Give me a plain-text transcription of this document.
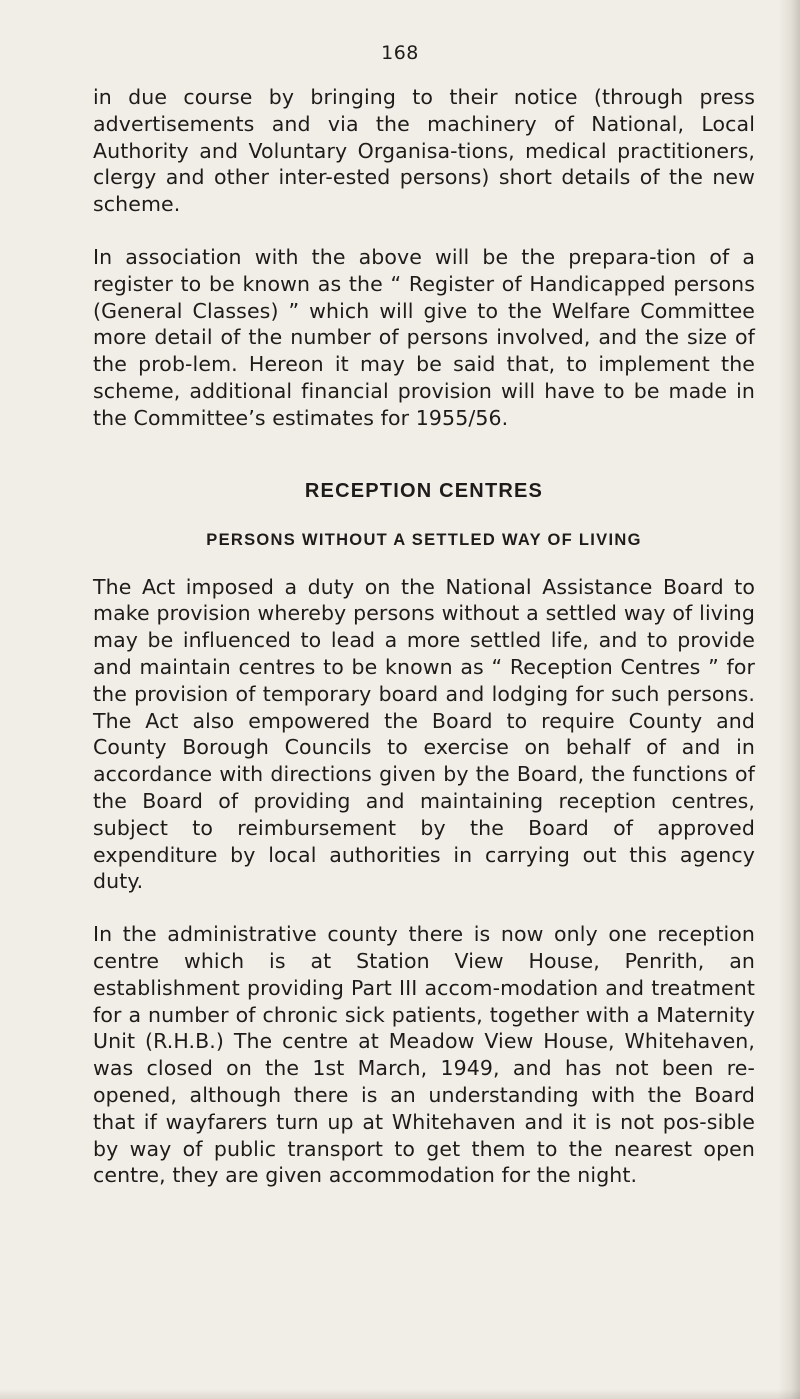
168

in due course by bringing to their notice (through press advertisements and via the machinery of National, Local Authority and Voluntary Organisa-tions, medical practitioners, clergy and other inter-ested persons) short details of the new scheme.

In association with the above will be the prepara-tion of a register to be known as the “ Register of Handicapped persons (General Classes) ” which will give to the Welfare Committee more detail of the number of persons involved, and the size of the prob-lem. Hereon it may be said that, to implement the scheme, additional financial provision will have to be made in the Committee’s estimates for 1955/56.

RECEPTION CENTRES
PERSONS WITHOUT A SETTLED WAY OF LIVING

The Act imposed a duty on the National Assistance Board to make provision whereby persons without a settled way of living may be influenced to lead a more settled life, and to provide and maintain centres to be known as “ Reception Centres ” for the provision of temporary board and lodging for such persons. The Act also empowered the Board to require County and County Borough Councils to exercise on behalf of and in accordance with directions given by the Board, the functions of the Board of providing and maintaining reception centres, subject to reimbursement by the Board of approved expenditure by local authorities in carrying out this agency duty.

In the administrative county there is now only one reception centre which is at Station View House, Penrith, an establishment providing Part III accom-modation and treatment for a number of chronic sick patients, together with a Maternity Unit (R.H.B.) The centre at Meadow View House, Whitehaven, was closed on the 1st March, 1949, and has not been re-opened, although there is an understanding with the Board that if wayfarers turn up at Whitehaven and it is not pos-sible by way of public transport to get them to the nearest open centre, they are given accommodation for the night.
